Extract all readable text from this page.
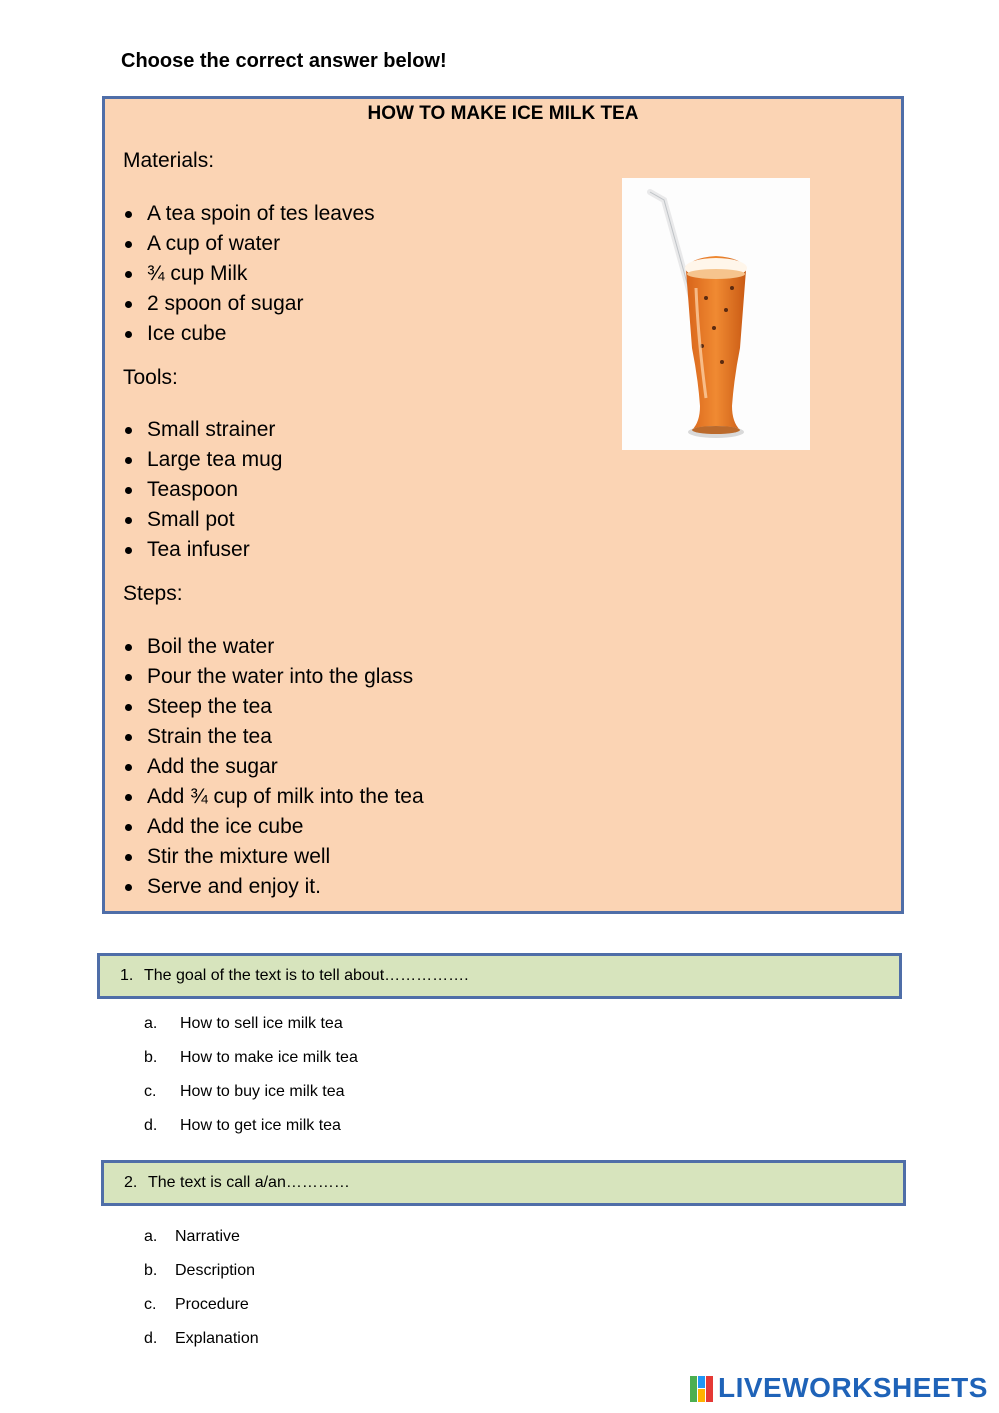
Choose the correct answer below!
HOW TO MAKE ICE MILK TEA
Materials:
A tea spoin of tes leaves
A cup of water
¾ cup Milk
2 spoon of sugar
Ice cube
Tools:
Small strainer
Large tea mug
Teaspoon
Small pot
Tea infuser
Steps:
Boil the water
Pour the water into the glass
Steep the tea
Strain the tea
Add the sugar
Add ¾ cup of milk into the tea
Add the ice cube
Stir the mixture well
Serve and enjoy it.
1. The goal of the text is to tell about…………….
a. How to sell ice milk tea
b. How to make ice milk tea
c. How to buy ice milk tea
d. How to get ice milk tea
2. The text is call a/an…………
a. Narrative
b. Description
c. Procedure
d. Explanation
LIVEWORKSHEETS
